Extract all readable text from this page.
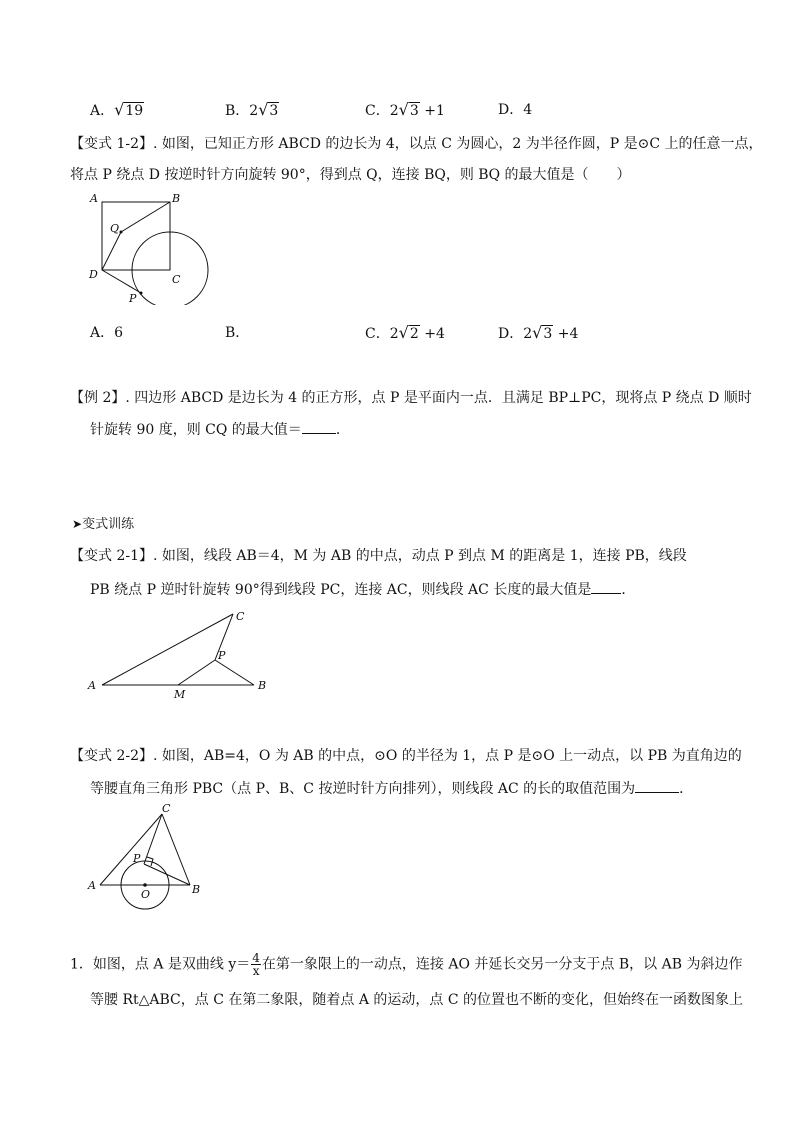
A．√19	B．2√3	C．2√3 +1	D．4
【变式 1-2】. 如图，已知正方形 ABCD 的边长为 4，以点 C 为圆心，2 为半径作圆，P 是⊙C 上的任意一点，
将点 P 绕点 D 按逆时针方向旋转 90°，得到点 Q，连接 BQ，则 BQ 的最大值是（　　）
A	B
C
D
P
Q
A．6	B．	C．2√2 +4	D．2√3 +4
【例 2】. 四边形 ABCD 是边长为 4 的正方形，点 P 是平面内一点．且满足 BP⊥PC，现将点 P 绕点 D 顺时
针旋转 90 度，则 CQ 的最大值＝ ．
➤变式训练
【变式 2-1】. 如图，线段 AB＝4，M 为 AB 的中点，动点 P 到点 M 的距离是 1，连接 PB，线段
PB 绕点 P 逆时针旋转 90°得到线段 PC，连接 AC，则线段 AC 长度的最大值是 ．
A	B
C
M
P
【变式 2-2】. 如图，AB=4，O 为 AB 的中点，⊙O 的半径为 1，点 P 是⊙O 上一动点，以 PB 为直角边的
等腰直角三角形 PBC（点 P、B、C 按逆时针方向排列），则线段 AC 的长的取值范围为	．
A	B
C
O
P
1．如图，点 A 是双曲线 $y= \frac{4}{x}$ 在第一象限上的一动点，连接 AO 并延长交另一分支于点 B，以 AB 为斜边作
等腰 Rt△ABC，点 C 在第二象限，随着点 A 的运动，点 C 的位置也不断的变化，但始终在一函数图象上
